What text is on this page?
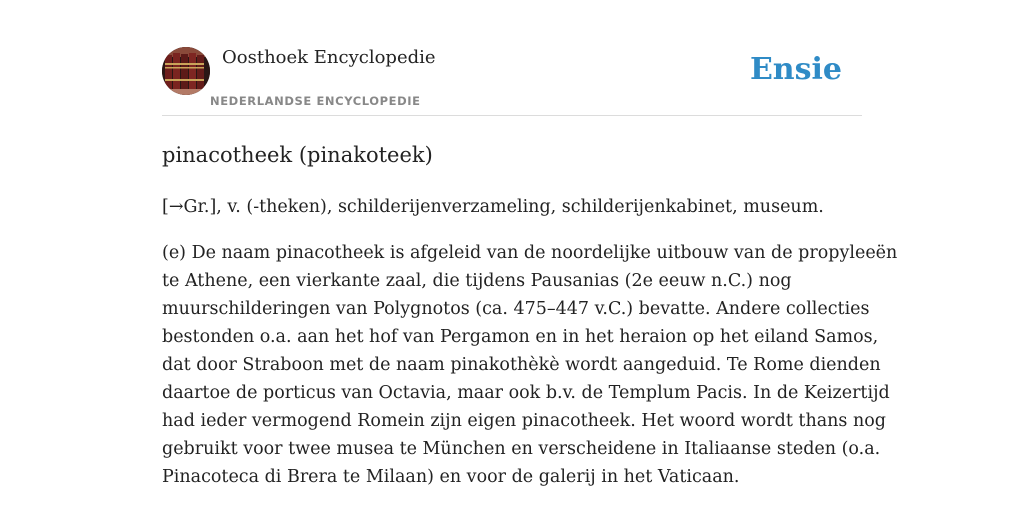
Oosthoek Encyclopedie
NEDERLANDSE ENCYCLOPEDIE
Ensie
pinacotheek (pinakoteek)

[→Gr.], v. (-theken), schilderijenverzameling, schilderijenkabinet, museum.

(e) De naam pinacotheek is afgeleid van de noordelijke uitbouw van de propyleeën
te Athene, een vierkante zaal, die tijdens Pausanias (2e eeuw n.C.) nog
muurschilderingen van Polygnotos (ca. 475–447 v.C.) bevatte. Andere collecties
bestonden o.a. aan het hof van Pergamon en in het heraion op het eiland Samos,
dat door Straboon met de naam pinakothèkè wordt aangeduid. Te Rome dienden
daartoe de porticus van Octavia, maar ook b.v. de Templum Pacis. In de Keizertijd
had ieder vermogend Romein zijn eigen pinacotheek. Het woord wordt thans nog
gebruikt voor twee musea te München en verscheidene in Italiaanse steden (o.a.
Pinacoteca di Brera te Milaan) en voor de galerij in het Vaticaan.
